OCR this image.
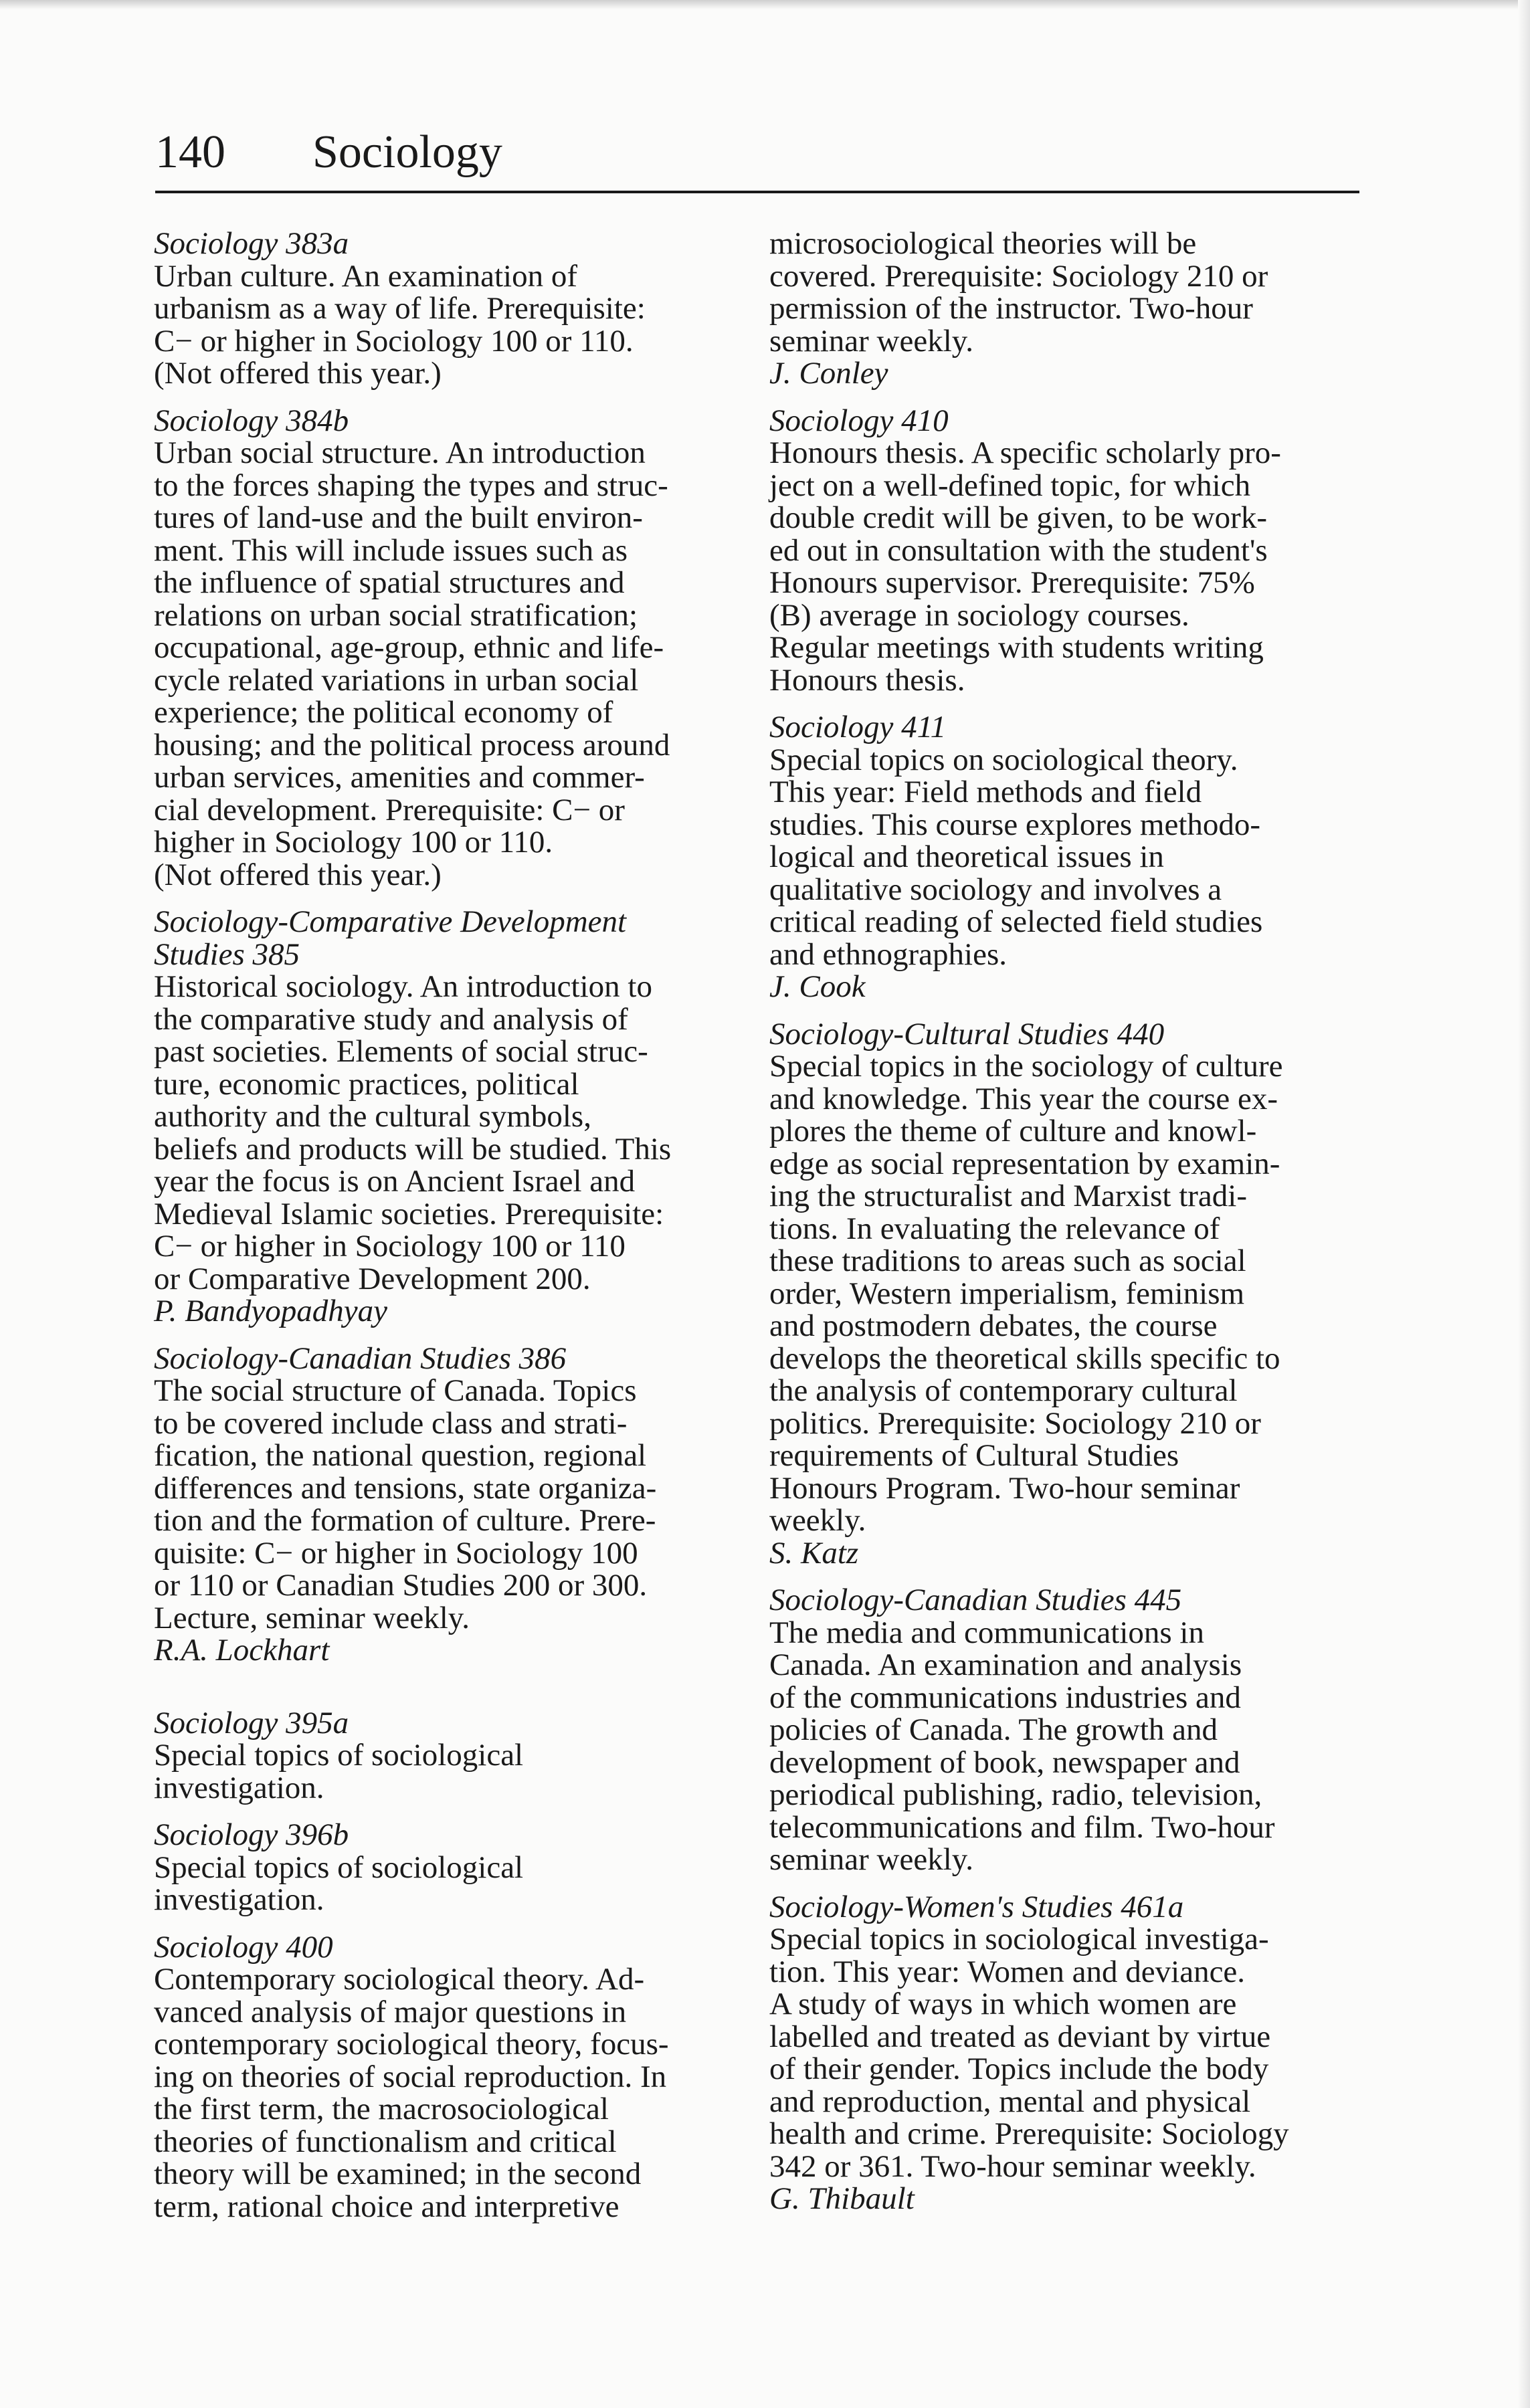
140 Sociology
Sociology 383a
Urban culture. An examination of
urbanism as a way of life. Prerequisite:
C− or higher in Sociology 100 or 110.
(Not offered this year.)
Sociology 384b
Urban social structure. An introduction
to the forces shaping the types and struc-
tures of land-use and the built environ-
ment. This will include issues such as
the influence of spatial structures and
relations on urban social stratification;
occupational, age-group, ethnic and life-
cycle related variations in urban social
experience; the political economy of
housing; and the political process around
urban services, amenities and commer-
cial development. Prerequisite: C− or
higher in Sociology 100 or 110.
(Not offered this year.)
Sociology-Comparative Development
Studies 385
Historical sociology. An introduction to
the comparative study and analysis of
past societies. Elements of social struc-
ture, economic practices, political
authority and the cultural symbols,
beliefs and products will be studied. This
year the focus is on Ancient Israel and
Medieval Islamic societies. Prerequisite:
C− or higher in Sociology 100 or 110
or Comparative Development 200.
P. Bandyopadhyay
Sociology-Canadian Studies 386
The social structure of Canada. Topics
to be covered include class and strati-
fication, the national question, regional
differences and tensions, state organiza-
tion and the formation of culture. Prere-
quisite: C− or higher in Sociology 100
or 110 or Canadian Studies 200 or 300.
Lecture, seminar weekly.
R.A. Lockhart
Sociology 395a
Special topics of sociological
investigation.
Sociology 396b
Special topics of sociological
investigation.
Sociology 400
Contemporary sociological theory. Ad-
vanced analysis of major questions in
contemporary sociological theory, focus-
ing on theories of social reproduction. In
the first term, the macrosociological
theories of functionalism and critical
theory will be examined; in the second
term, rational choice and interpretive
microsociological theories will be
covered. Prerequisite: Sociology 210 or
permission of the instructor. Two-hour
seminar weekly.
J. Conley
Sociology 410
Honours thesis. A specific scholarly pro-
ject on a well-defined topic, for which
double credit will be given, to be work-
ed out in consultation with the student's
Honours supervisor. Prerequisite: 75%
(B) average in sociology courses.
Regular meetings with students writing
Honours thesis.
Sociology 411
Special topics on sociological theory.
This year: Field methods and field
studies. This course explores methodo-
logical and theoretical issues in
qualitative sociology and involves a
critical reading of selected field studies
and ethnographies.
J. Cook
Sociology-Cultural Studies 440
Special topics in the sociology of culture
and knowledge. This year the course ex-
plores the theme of culture and knowl-
edge as social representation by examin-
ing the structuralist and Marxist tradi-
tions. In evaluating the relevance of
these traditions to areas such as social
order, Western imperialism, feminism
and postmodern debates, the course
develops the theoretical skills specific to
the analysis of contemporary cultural
politics. Prerequisite: Sociology 210 or
requirements of Cultural Studies
Honours Program. Two-hour seminar
weekly.
S. Katz
Sociology-Canadian Studies 445
The media and communications in
Canada. An examination and analysis
of the communications industries and
policies of Canada. The growth and
development of book, newspaper and
periodical publishing, radio, television,
telecommunications and film. Two-hour
seminar weekly.
Sociology-Women's Studies 461a
Special topics in sociological investiga-
tion. This year: Women and deviance.
A study of ways in which women are
labelled and treated as deviant by virtue
of their gender. Topics include the body
and reproduction, mental and physical
health and crime. Prerequisite: Sociology
342 or 361. Two-hour seminar weekly.
G. Thibault
